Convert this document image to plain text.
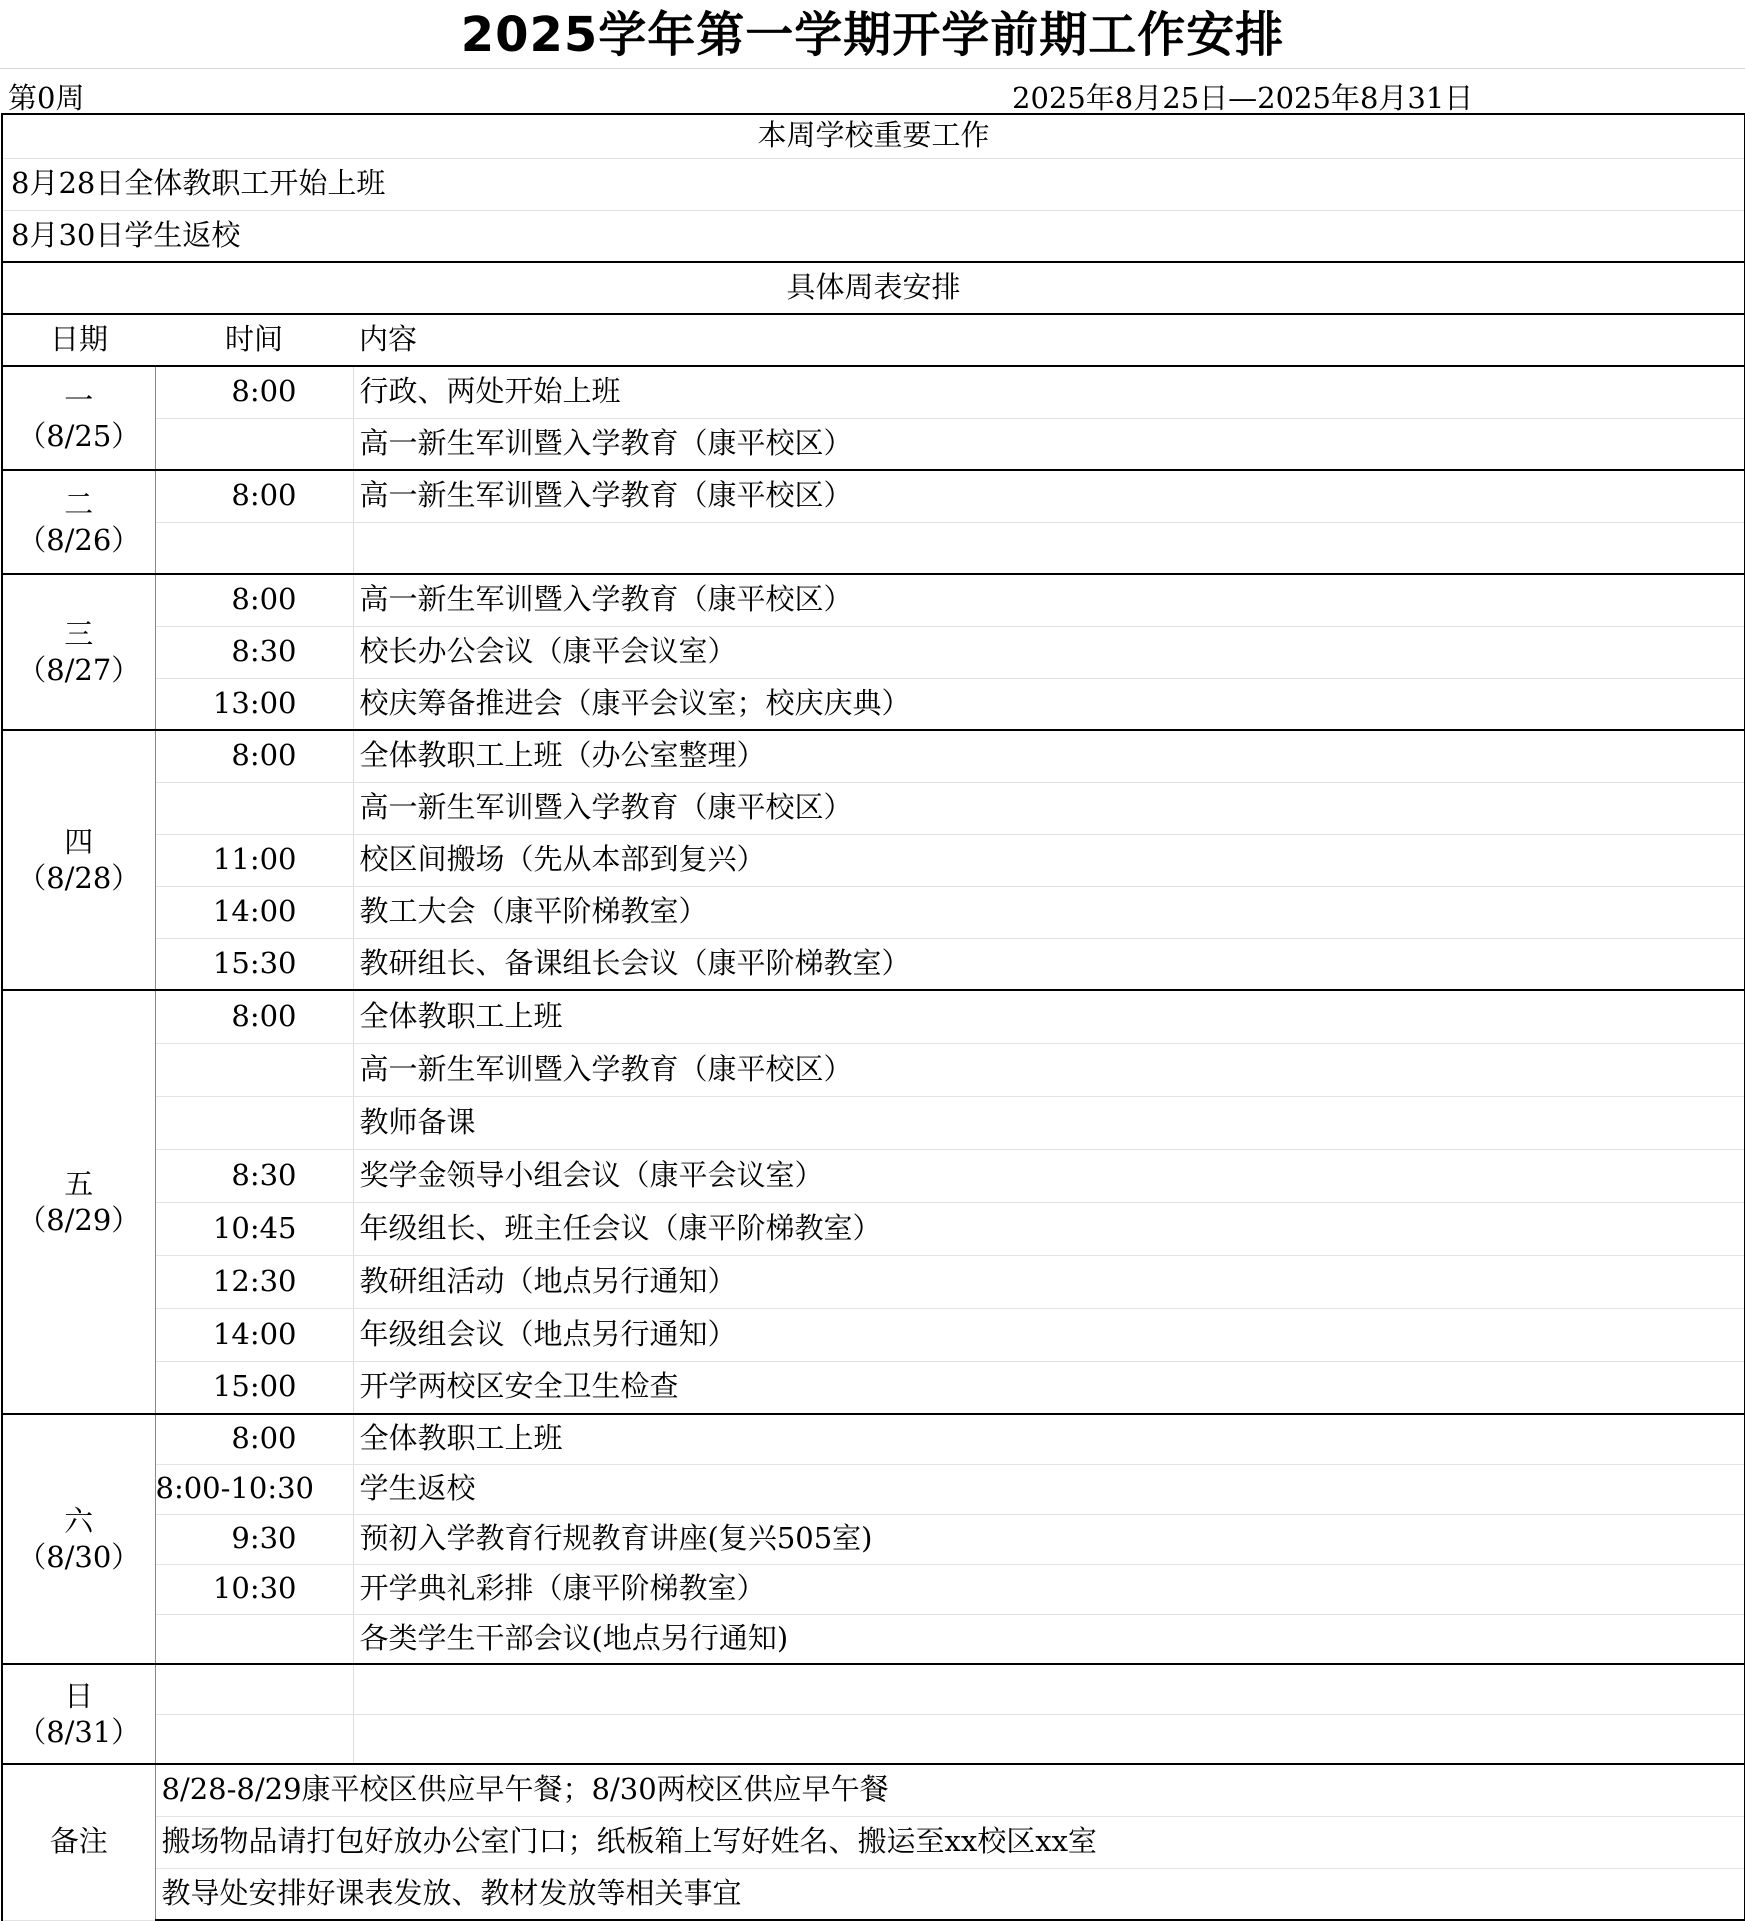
2025学年第一学期开学前期工作安排
第0周	2025年8月25日—2025年8月31日
本周学校重要工作		
8月28日全体教职工开始上班		
8月30日学生返校		
具体周表安排		
日期	时间	内容

一
（8/25）	8:00	行政、两处开始上班
		高一新生军训暨入学教育（康平校区）

二
（8/26）	8:00	高一新生军训暨入学教育（康平校区）

三
（8/27）	8:00	高一新生军训暨入学教育（康平校区）
	8:30	校长办公会议（康平会议室）
	13:00	校庆筹备推进会（康平会议室；校庆庆典）

四
（8/28）	8:00	全体教职工上班（办公室整理）
		高一新生军训暨入学教育（康平校区）
	11:00	校区间搬场（先从本部到复兴）
	14:00	教工大会（康平阶梯教室）
	15:30	教研组长、备课组长会议（康平阶梯教室）

五
（8/29）	8:00	全体教职工上班
		高一新生军训暨入学教育（康平校区）
		教师备课
	8:30	奖学金领导小组会议（康平会议室）
	10:45	年级组长、班主任会议（康平阶梯教室）
	12:30	教研组活动（地点另行通知）
	14:00	年级组会议（地点另行通知）
	15:00	开学两校区安全卫生检查

六
（8/30）	8:00	全体教职工上班
	8:00-10:30	学生返校
	9:30	预初入学教育行规教育讲座(复兴505室)
	10:30	开学典礼彩排（康平阶梯教室）
		各类学生干部会议(地点另行通知)

日
（8/31）		

备注	8/28-8/29康平校区供应早午餐；8/30两校区供应早午餐	
	搬场物品请打包好放办公室门口；纸板箱上写好姓名、搬运至xx校区xx室	
	教导处安排好课表发放、教材发放等相关事宜	
